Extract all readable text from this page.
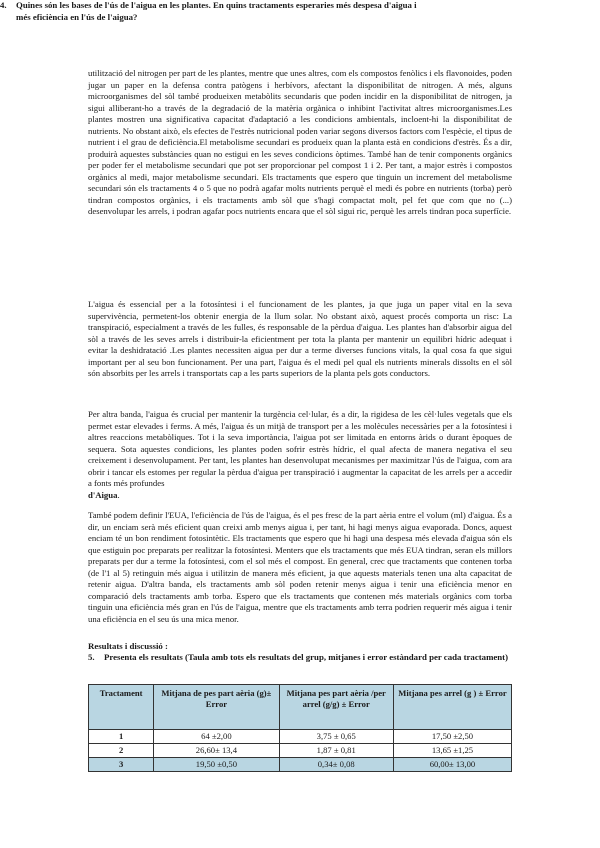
utilització del nitrogen per part de les plantes, mentre que unes altres, com els compostos fenòlics i els flavonoides, poden jugar un paper en la defensa contra patògens i herbívors, afectant la disponibilitat de nitrogen. A més, alguns microorganismes del sòl també produeixen metabòlits secundaris que poden incidir en la disponibilitat de nitrogen, ja sigui alliberant-ho a través de la degradació de la matèria orgànica o inhibint l'activitat altres microorganismes.Les plantes mostren una significativa capacitat d'adaptació a les condicions ambientals, incloent-hi la disponibilitat de nutrients. No obstant això, els efectes de l'estrès nutricional poden variar segons diversos factors com l'espècie, el tipus de nutrient i el grau de deficiència.El metabolisme secundari es produeix quan la planta està en condicions d'estrès. És a dir, produirà aquestes substàncies quan no estigui en les seves condicions òptimes. També han de tenir components orgànics per poder fer el metabolisme secundari que pot ser proporcionar pel compost 1 i 2. Per tant, a major estrès i compostos orgànics al medi, major metabolisme secundari. Els tractaments que espero que tinguin un increment del metabolisme secundari són els tractaments 4 o 5 que no podrà agafar molts nutrients perquè el medi és pobre en nutrients (torba) però tindran compostos orgànics, i els tractaments amb sòl que s'hagi compactat molt, pel fet que com que no (...) desenvolupar les arrels, i podran agafar pocs nutrients encara que el sòl sigui ric, perquè les arrels tindran poca superfície.
4. Quines són les bases de l'ús de l'aigua en les plantes. En quins tractaments esperaries més despesa d'aigua i més eficiència en l'ús de l'aigua?
L'aigua és essencial per a la fotosíntesi i el funcionament de les plantes, ja que juga un paper vital en la seva supervivència, permetent-los obtenir energia de la llum solar. No obstant això, aquest procés comporta un risc: La transpiració, especialment a través de les fulles, és responsable de la pèrdua d'aigua. Les plantes han d'absorbir aigua del sòl a través de les seves arrels i distribuir-la eficientment per tota la planta per mantenir un equilibri hídric adequat i evitar la deshidratació .Les plantes necessiten aigua per dur a terme diverses funcions vitals, la qual cosa fa que sigui important per al seu bon funcionament. Per una part, l'aigua és el medi pel qual els nutrients minerals dissolts en el sòl són absorbits per les arrels i transportats cap a les parts superiors de la planta pels gots conductors.
Per altra banda, l'aigua és crucial per mantenir la turgència cel·lular, és a dir, la rigidesa de les cèl·lules vegetals que els permet estar elevades i ferms. A més, l'aigua és un mitjà de transport per a les molècules necessàries per a la fotosíntesi i altres reaccions metabòliques. Tot i la seva importància, l'aigua pot ser limitada en entorns àrids o durant èpoques de sequera. Sota aquestes condicions, les plantes poden sofrir estrès hídric, el qual afecta de manera negativa el seu creixement i desenvolupament. Per tant, les plantes han desenvolupat mecanismes per maximitzar l'ús de l'aigua, com ara obrir i tancar els estomes per regular la pèrdua d'aigua per transpiració i augmentar la capacitat de les arrels per a accedir a fonts més profundes
d'Aigua.
També podem definir l'EUA, l'eficiència de l'ús de l'aigua, és el pes fresc de la part aèria entre el volum (ml) d'aigua. És a dir, un enciam serà més eficient quan creixi amb menys aigua i, per tant, hi hagi menys aigua evaporada. Doncs, aquest enciam té un bon rendiment fotosintètic. Els tractaments que espero que hi hagi una despesa més elevada d'aigua són els que estiguin poc preparats per realitzar la fotosíntesi. Menters que els tractaments que més EUA tindran, seran els millors preparats per dur a terme la fotosíntesi, com el sol més el compost. En general, crec que tractaments que contenen torba (de l'1 al 5) retinguin més aigua i utilitzin de manera més eficient, ja que aquests materials tenen una alta capacitat de retenir aigua. D'altra banda, els tractaments amb sòl poden retenir menys aigua i tenir una eficiència menor en comparació dels tractaments amb torba. Espero que els tractaments que contenen més materials orgànics com torba tinguin una eficiència més gran en l'ús de l'aigua, mentre que els tractaments amb terra podrien requerir més aigua i tenir una eficiència en el seu ús una mica menor.
Resultats i discussió :
5. Presenta els resultats (Taula amb tots els resultats del grup, mitjanes i error estàndard per cada tractament)
Tractament	Mitjana de pes part aèria (g)± Error	Mitjana pes part aèria /per arrel (g/g) ± Error	Mitjana pes arrel (g ) ± Error
1	64 ±2,00	3,75 ± 0,65	17,50 ±2,50
2	26,60± 13,4	1,87 ± 0,81	13,65 ±1,25
3	19,50 ±0,50	0,34± 0,08	60,00± 13,00
